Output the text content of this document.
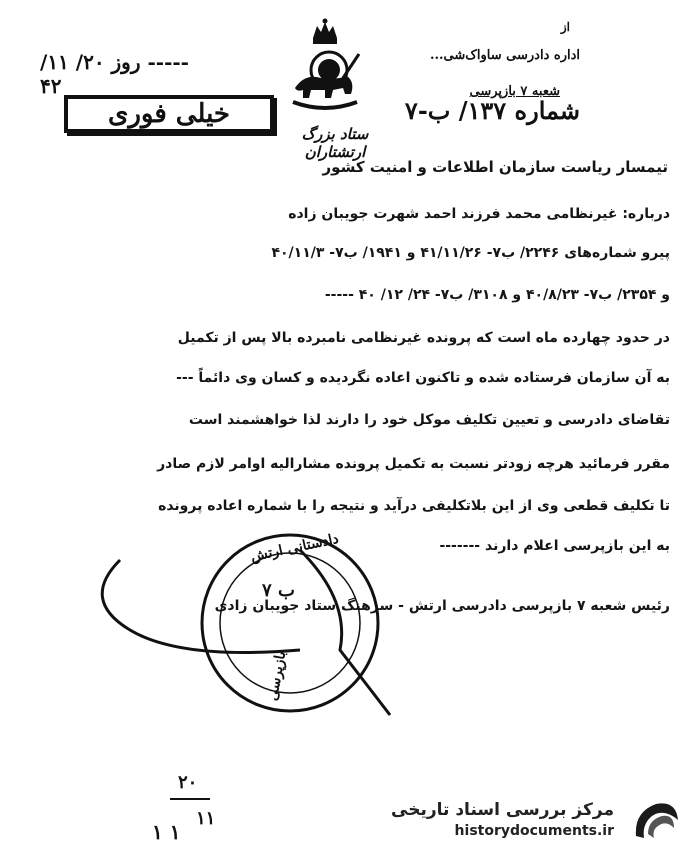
----- روز ۲۰/ ۱۱/ ۴۲
ستاد بزرگ ارتشتاران
خیلی فوری
از
اداره دادرسی ساواک‌شی...
شعبه ۷ بازپرسی
شماره ۱۳۷/ ب-۷
تیمسار ریاست سازمان اطلاعات و امنیت کشور
درباره: غیرنظامی محمد فرزند احمد شهرت جویبان زاده
پیرو شماره‌های ۲۲۴۶/ ب۷- ۴۱/۱۱/۲۶ و ۱۹۴۱/ ب۷- ۴۰/۱۱/۳
و ۲۳۵۴/ ب۷- ۴۰/۸/۲۳ و ۳۱۰۸/ ب۷- ۲۴/ ۱۲/ ۴۰ -----
در حدود چهارده ماه است که پرونده غیرنظامی نامبرده بالا پس از تکمیل
به آن سازمان فرستاده شده و تاکنون اعاده نگردیده و کسان وی دائماً ---
تقاضای دادرسی و تعیین تکلیف موکل خود را دارند لذا خواهشمند است
مقرر فرمائید هرچه زودتر نسبت به تکمیل پرونده مشارالیه اوامر لازم صادر
تا تکلیف قطعی وی از این بلاتکلیفی درآید و نتیجه را با شماره اعاده پرونده
به این بازپرسی اعلام دارند -------
رئیس شعبه ۷ بازپرسی دادرسی ارتش - سرهنگ ستاد جویبان زادی
دادستانی ارتش
ب ۷
بازپرسی
۲۰
۱۱
۱ ۱
مرکز بررسی اسناد تاریخی
historydocuments.ir
